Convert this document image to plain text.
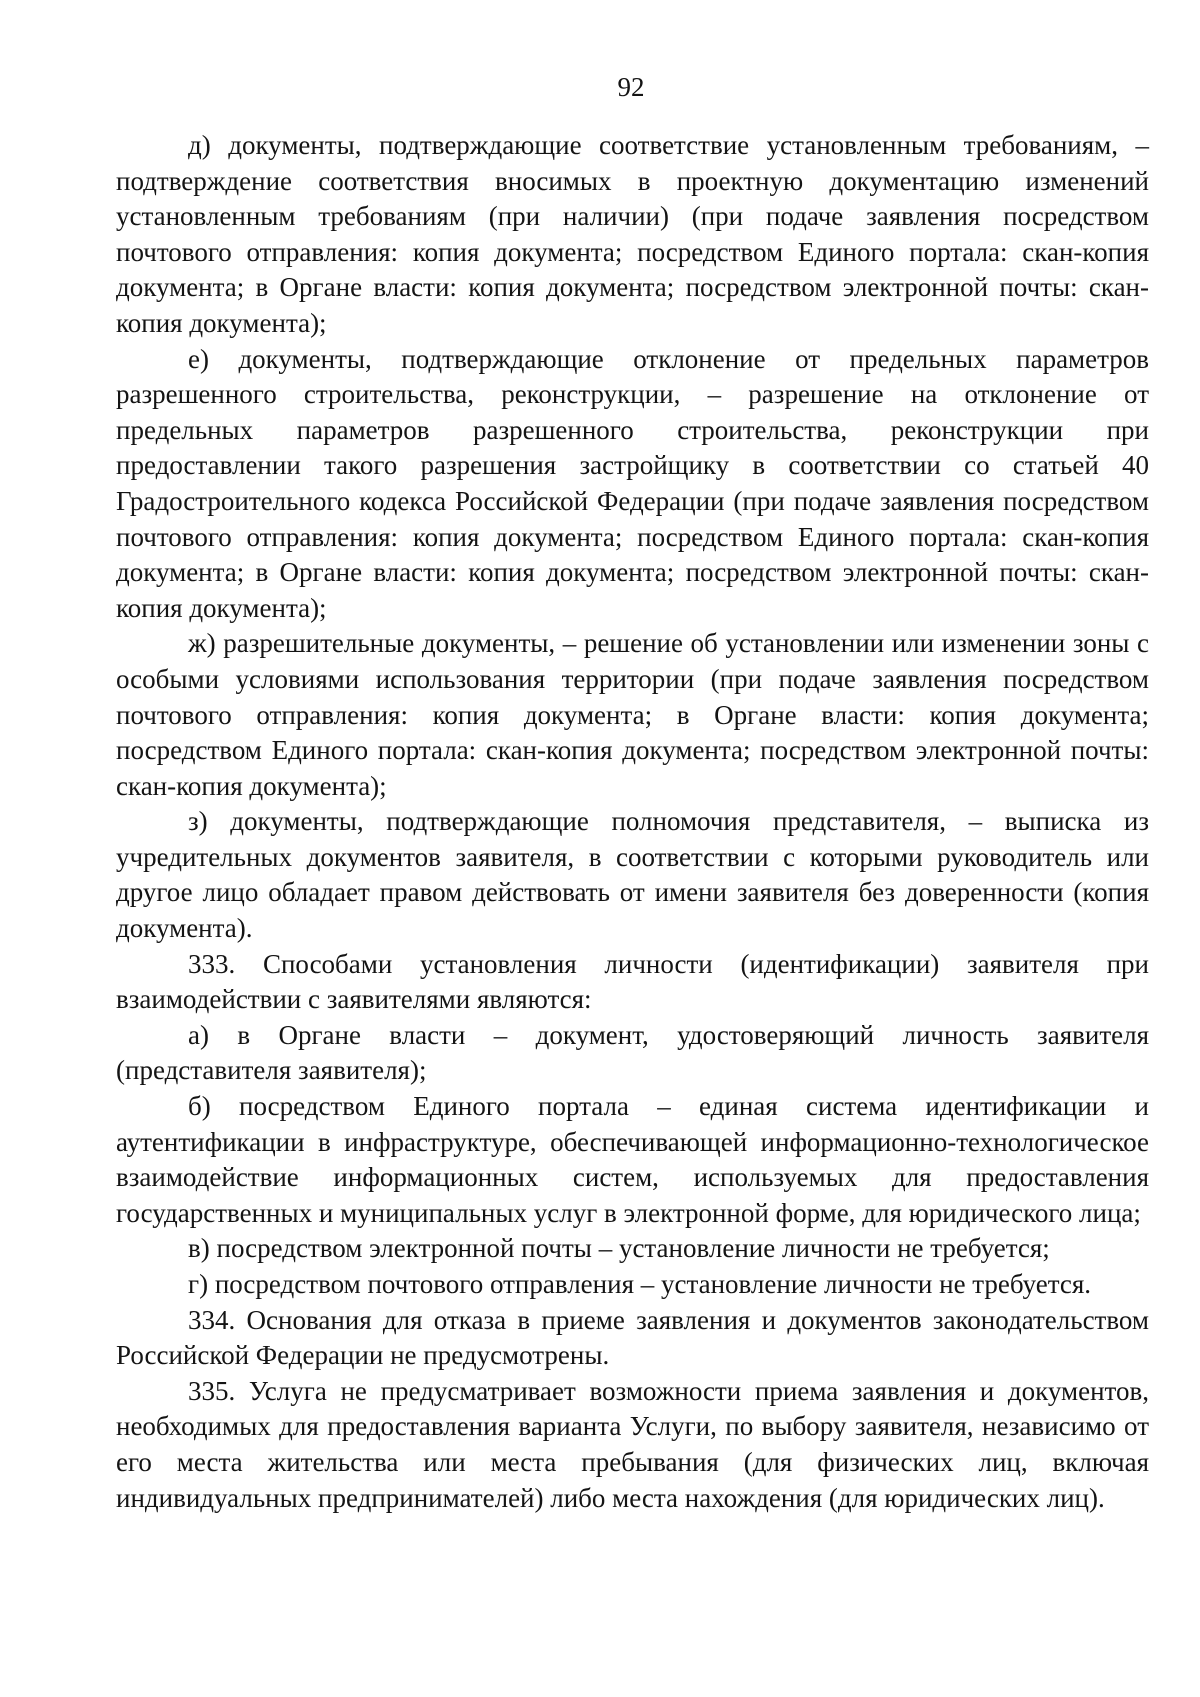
92

д) документы, подтверждающие соответствие установленным требованиям, – подтверждение соответствия вносимых в проектную документацию изменений установленным требованиям (при наличии) (при подаче заявления посредством почтового отправления: копия документа; посредством Единого портала: скан-копия документа; в Органе власти: копия документа; посредством электронной почты: скан-копия документа);

е) документы, подтверждающие отклонение от предельных параметров разрешенного строительства, реконструкции, – разрешение на отклонение от предельных параметров разрешенного строительства, реконструкции при предоставлении такого разрешения застройщику в соответствии со статьей 40 Градостроительного кодекса Российской Федерации (при подаче заявления посредством почтового отправления: копия документа; посредством Единого портала: скан-копия документа; в Органе власти: копия документа; посредством электронной почты: скан-копия документа);

ж) разрешительные документы, – решение об установлении или изменении зоны с особыми условиями использования территории (при подаче заявления посредством почтового отправления: копия документа; в Органе власти: копия документа; посредством Единого портала: скан-копия документа; посредством электронной почты: скан-копия документа);

з) документы, подтверждающие полномочия представителя, – выписка из учредительных документов заявителя, в соответствии с которыми руководитель или другое лицо обладает правом действовать от имени заявителя без доверенности (копия документа).

333. Способами установления личности (идентификации) заявителя при взаимодействии с заявителями являются:

а) в Органе власти – документ, удостоверяющий личность заявителя (представителя заявителя);

б) посредством Единого портала – единая система идентификации и аутентификации в инфраструктуре, обеспечивающей информационно-технологическое взаимодействие информационных систем, используемых для предоставления государственных и муниципальных услуг в электронной форме, для юридического лица;

в) посредством электронной почты – установление личности не требуется;

г) посредством почтового отправления – установление личности не требуется.

334. Основания для отказа в приеме заявления и документов законодательством Российской Федерации не предусмотрены.

335. Услуга не предусматривает возможности приема заявления и документов, необходимых для предоставления варианта Услуги, по выбору заявителя, независимо от его места жительства или места пребывания (для физических лиц, включая индивидуальных предпринимателей) либо места нахождения (для юридических лиц).
